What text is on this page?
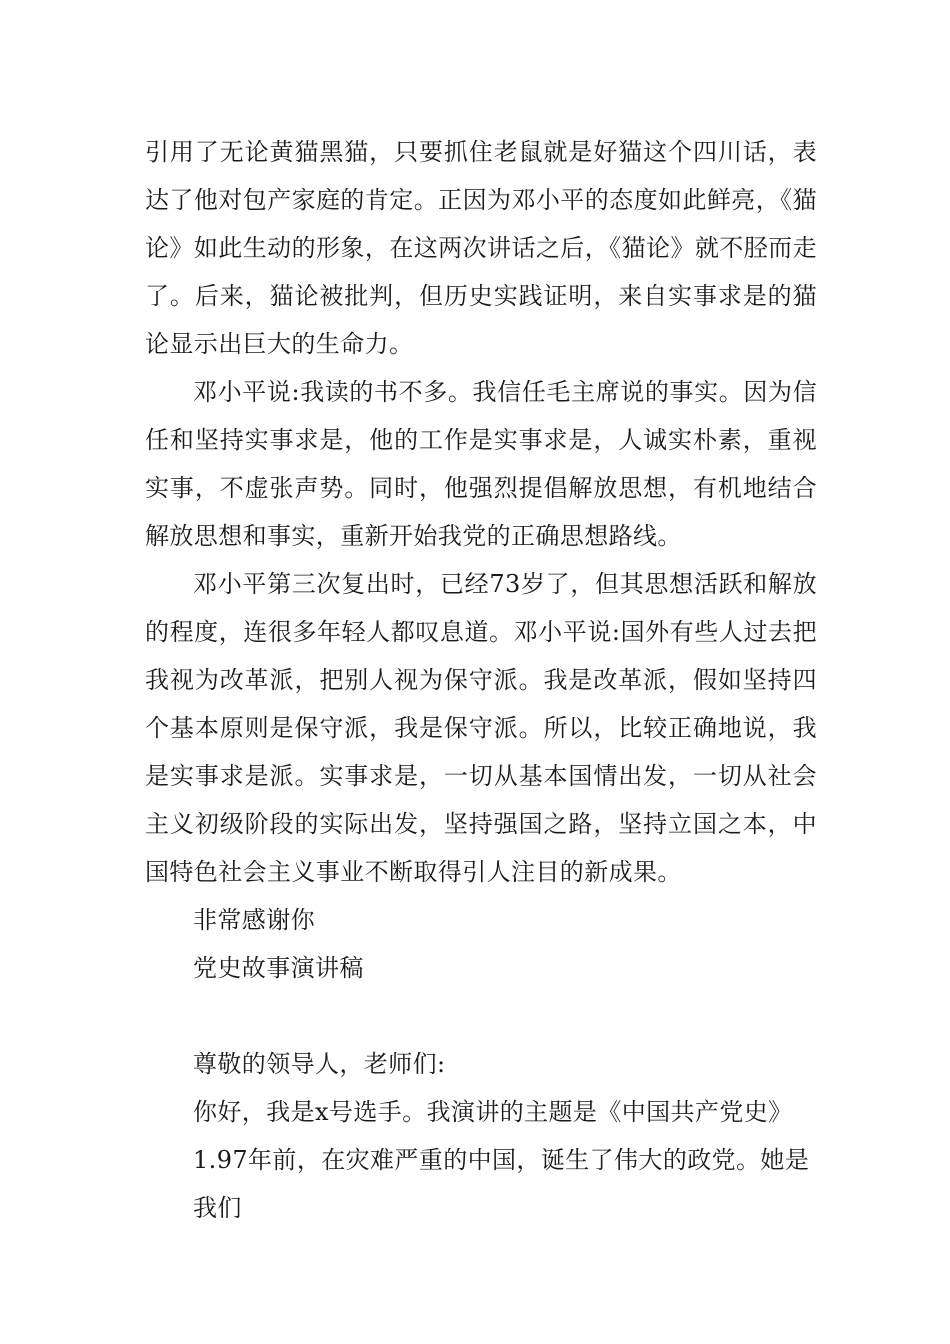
引用了无论黄猫黑猫，只要抓住老鼠就是好猫这个四川话，表达了他对包产家庭的肯定。正因为邓小平的态度如此鲜亮，《猫论》如此生动的形象，在这两次讲话之后，《猫论》就不胫而走了。后来，猫论被批判，但历史实践证明，来自实事求是的猫论显示出巨大的生命力。

邓小平说:我读的书不多。我信任毛主席说的事实。因为信任和坚持实事求是，他的工作是实事求是，人诚实朴素，重视实事，不虚张声势。同时，他强烈提倡解放思想，有机地结合解放思想和事实，重新开始我党的正确思想路线。

邓小平第三次复出时，已经73岁了，但其思想活跃和解放的程度，连很多年轻人都叹息道。邓小平说:国外有些人过去把我视为改革派，把别人视为保守派。我是改革派，假如坚持四个基本原则是保守派，我是保守派。所以，比较正确地说，我是实事求是派。实事求是，一切从基本国情出发，一切从社会主义初级阶段的实际出发，坚持强国之路，坚持立国之本，中国特色社会主义事业不断取得引人注目的新成果。

非常感谢你
党史故事演讲稿
尊敬的领导人，老师们:
你好，我是x号选手。我演讲的主题是《中国共产党史》
1.97年前，在灾难严重的中国，诞生了伟大的政党。她是我们
